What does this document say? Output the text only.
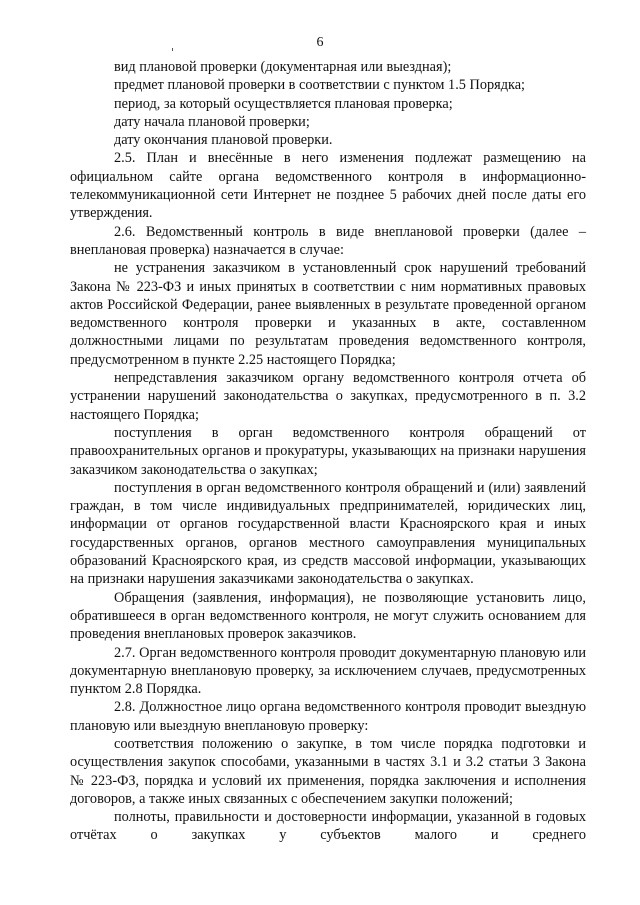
6

вид плановой проверки (документарная или выездная);

предмет плановой проверки в соответствии с пунктом 1.5 Порядка;

период, за который осуществляется плановая проверка;

дату начала плановой проверки;

дату окончания плановой проверки.

2.5. План и внесённые в него изменения подлежат размещению на официальном сайте органа ведомственного контроля в информационно-телекоммуникационной сети Интернет не позднее 5 рабочих дней после даты его утверждения.

2.6. Ведомственный контроль в виде внеплановой проверки (далее – внеплановая проверка) назначается в случае:

не устранения заказчиком в установленный срок нарушений требований Закона № 223-ФЗ и иных принятых в соответствии с ним нормативных правовых актов Российской Федерации, ранее выявленных в результате проведенной органом ведомственного контроля проверки и указанных в акте, составленном должностными лицами по результатам проведения ведомственного контроля, предусмотренном в пункте 2.25 настоящего Порядка;

непредставления заказчиком органу ведомственного контроля отчета об устранении нарушений законодательства о закупках, предусмотренного в п. 3.2 настоящего Порядка;

поступления в орган ведомственного контроля обращений от правоохранительных органов и прокуратуры, указывающих на признаки нарушения заказчиком законодательства о закупках;

поступления в орган ведомственного контроля обращений и (или) заявлений граждан, в том числе индивидуальных предпринимателей, юридических лиц, информации от органов государственной власти Красноярского края и иных государственных органов, органов местного самоуправления муниципальных образований Красноярского края, из средств массовой информации, указывающих на признаки нарушения заказчиками законодательства о закупках.

Обращения (заявления, информация), не позволяющие установить лицо, обратившееся в орган ведомственного контроля, не могут служить основанием для проведения внеплановых проверок заказчиков.

2.7. Орган ведомственного контроля проводит документарную плановую или документарную внеплановую проверку, за исключением случаев, предусмотренных пунктом 2.8 Порядка.

2.8. Должностное лицо органа ведомственного контроля проводит выездную плановую или выездную внеплановую проверку:

соответствия положению о закупке, в том числе порядка подготовки и осуществления закупок способами, указанными в частях 3.1 и 3.2 статьи 3 Закона № 223-ФЗ, порядка и условий их применения, порядка заключения и исполнения договоров, а также иных связанных с обеспечением закупки положений;

полноты, правильности и достоверности информации, указанной в годовых отчётах о закупках у субъектов малого и среднего
